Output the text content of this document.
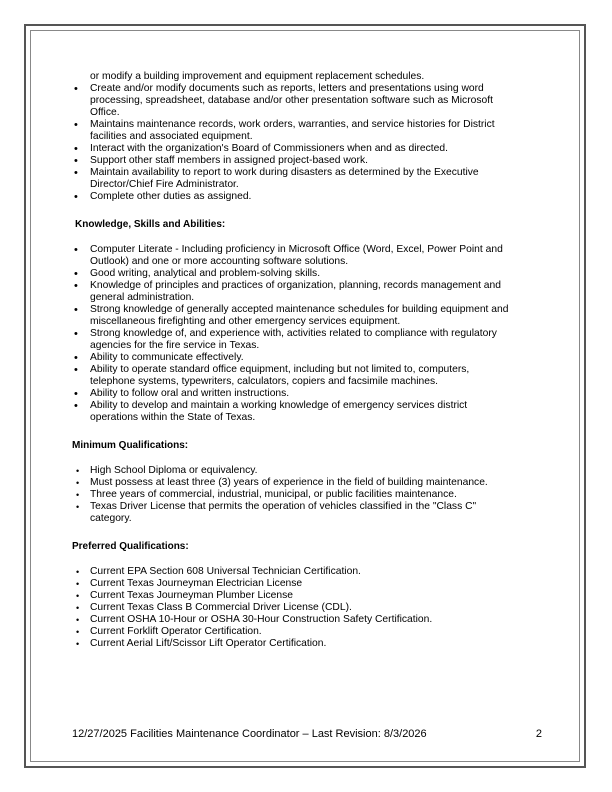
or modify a building improvement and equipment replacement schedules.
• Create and/or modify documents such as reports, letters and presentations using word processing, spreadsheet, database and/or other presentation software such as Microsoft Office.
• Maintains maintenance records, work orders, warranties, and service histories for District facilities and associated equipment.
• Interact with the organization's Board of Commissioners when and as directed.
• Support other staff members in assigned project-based work.
• Maintain availability to report to work during disasters as determined by the Executive Director/Chief Fire Administrator.
• Complete other duties as assigned.
Knowledge, Skills and Abilities:
• Computer Literate - Including proficiency in Microsoft Office (Word, Excel, Power Point and Outlook) and one or more accounting software solutions.
• Good writing, analytical and problem-solving skills.
• Knowledge of principles and practices of organization, planning, records management and general administration.
• Strong knowledge of generally accepted maintenance schedules for building equipment and miscellaneous firefighting and other emergency services equipment.
• Strong knowledge of, and experience with, activities related to compliance with regulatory agencies for the fire service in Texas.
• Ability to communicate effectively.
• Ability to operate standard office equipment, including but not limited to, computers, telephone systems, typewriters, calculators, copiers and facsimile machines.
• Ability to follow oral and written instructions.
• Ability to develop and maintain a working knowledge of emergency services district operations within the State of Texas.
Minimum Qualifications:
• High School Diploma or equivalency.
• Must possess at least three (3) years of experience in the field of building maintenance.
• Three years of commercial, industrial, municipal, or public facilities maintenance.
• Texas Driver License that permits the operation of vehicles classified in the "Class C" category.
Preferred Qualifications:
• Current EPA Section 608 Universal Technician Certification.
• Current Texas Journeyman Electrician License
• Current Texas Journeyman Plumber License
• Current Texas Class B Commercial Driver License (CDL).
• Current OSHA 10-Hour or OSHA 30-Hour Construction Safety Certification.
• Current Forklift Operator Certification.
• Current Aerial Lift/Scissor Lift Operator Certification.
12/27/2025 Facilities Maintenance Coordinator – Last Revision: 8/3/2026	2
